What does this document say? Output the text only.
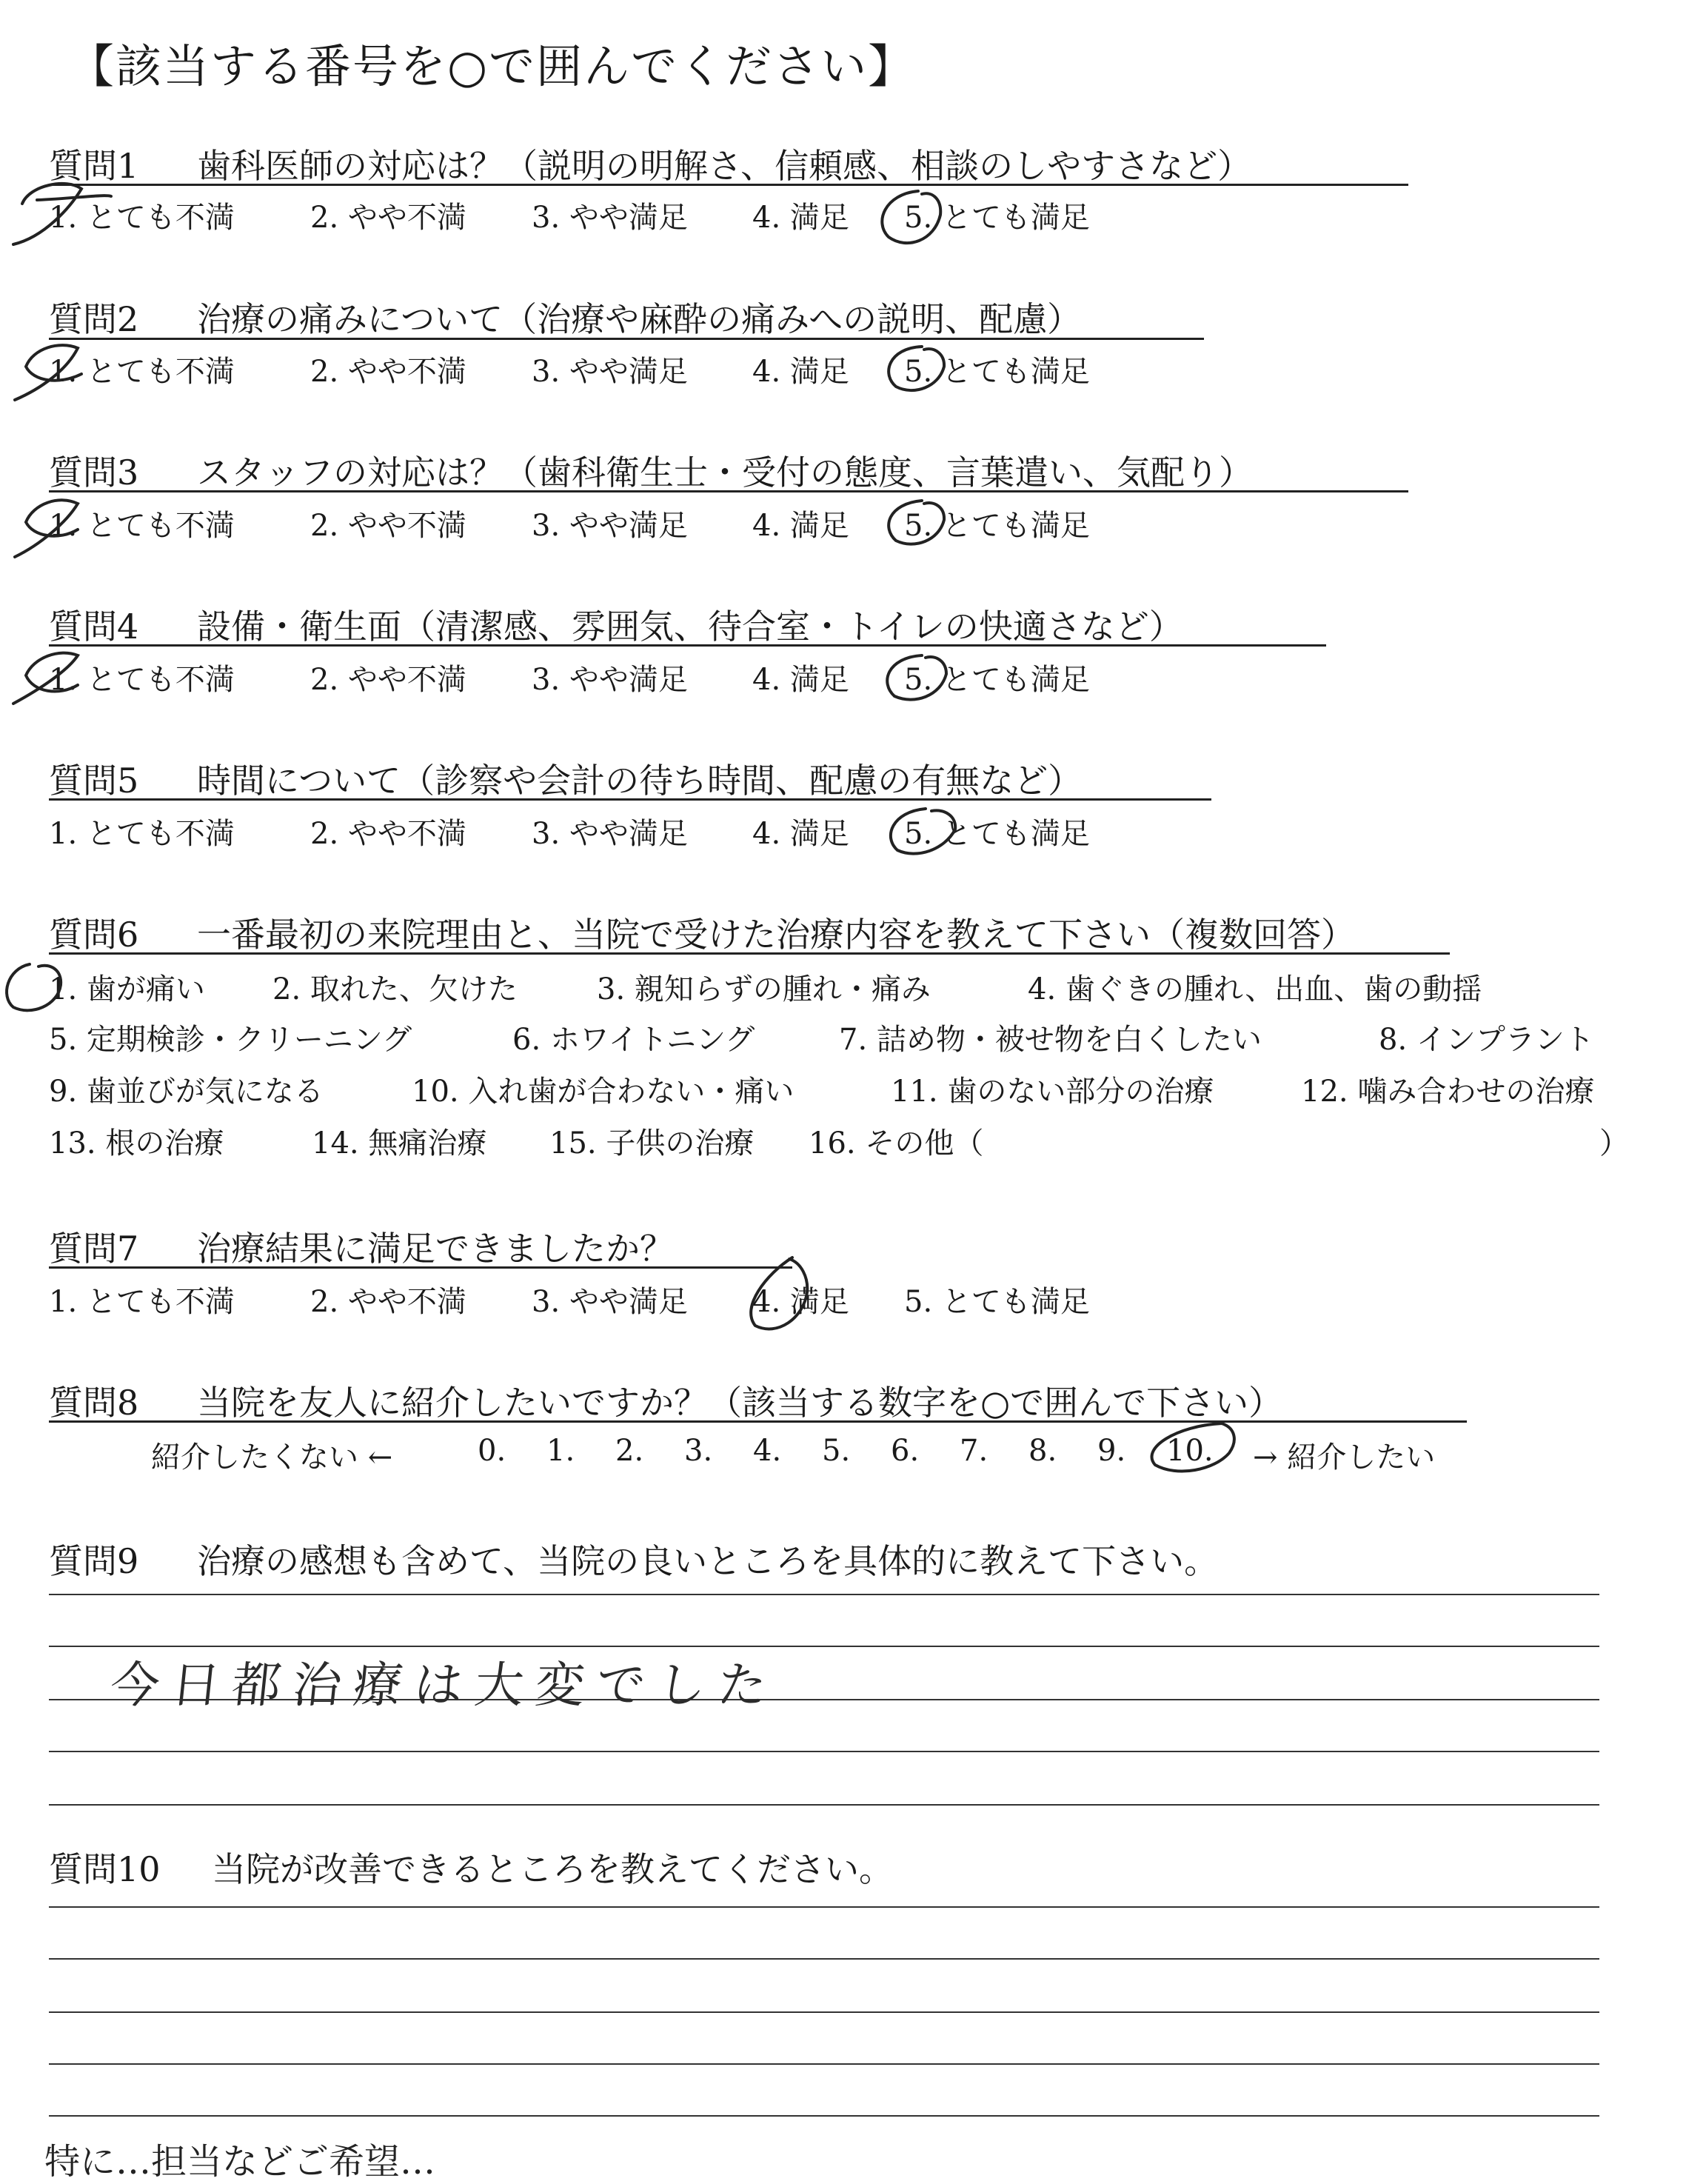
【該当する番号を○で囲んでください】
質問1 歯科医師の対応は？（説明の明解さ、信頼感、相談のしやすさなど）
1. とても不満	2. やや不満 3. やや満足 4. 満足 5. とても満足
質問2 治療の痛みについて（治療や麻酔の痛みへの説明、配慮）
1. とても不満	2. やや不満 3. やや満足 4. 満足 5. とても満足
質問3 スタッフの対応は？（歯科衛生士・受付の態度、言葉遣い、気配り）
1. とても不満	2. やや不満 3. やや満足 4. 満足 5. とても満足
質問4 設備・衛生面（清潔感、雰囲気、待合室・トイレの快適さなど）
1. とても不満	2. やや不満 3. やや満足 4. 満足 5. とても満足
質問5 時間について（診察や会計の待ち時間、配慮の有無など）
1. とても不満	2. やや不満 3. やや満足 4. 満足 5. とても満足
質問6 一番最初の来院理由と、当院で受けた治療内容を教えて下さい（複数回答）
1. 歯が痛い 2. 取れた、欠けた	3. 親知らずの腫れ・痛み	4. 歯ぐきの腫れ、出血、歯の動揺
5. 定期検診・クリーニング	6. ホワイトニング	7. 詰め物・被せ物を白くしたい	8. インプラント
9. 歯並びが気になる	10. 入れ歯が合わない・痛い	11. 歯のない部分の治療	12. 噛み合わせの治療
13. 根の治療	14. 無痛治療 15. 子供の治療 16. その他（	）
質問7 治療結果に満足できましたか？
1. とても不満	2. やや不満 3. やや満足 4. 満足 5. とても満足
質問8 当院を友人に紹介したいですか？（該当する数字を○で囲んで下さい）
紹介したくない ←	0. 1. 2. 3. 4. 5. 6. 7. 8. 9. 10. → 紹介したい
質問9 治療の感想も含めて、当院の良いところを具体的に教えて下さい。
今日都治療は大変でした
質問10 当院が改善できるところを教えてください。
特に…担当などご希望…
